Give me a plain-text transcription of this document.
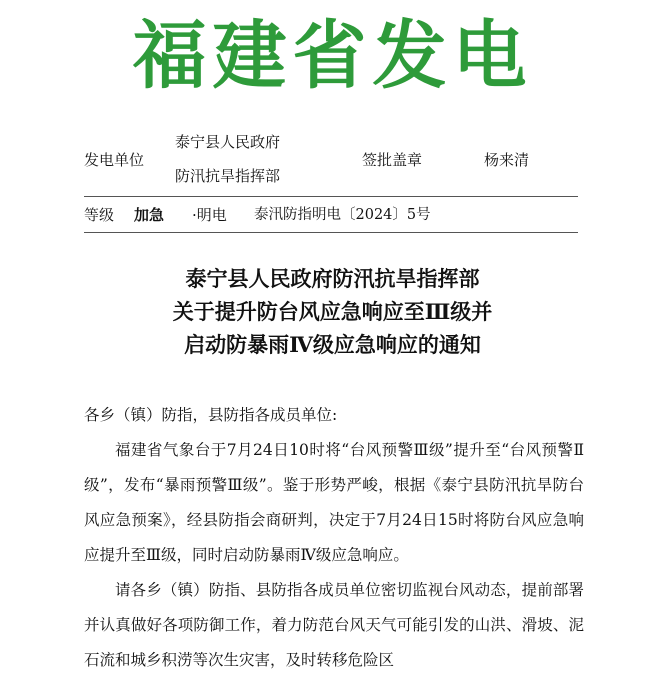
福建省发电
发电单位
泰宁县人民政府
防汛抗旱指挥部
签批盖章	杨来清
等级 加急 ·明电 泰汛防指明电〔2024〕5号
泰宁县人民政府防汛抗旱指挥部
关于提升防台风应急响应至Ⅲ级并
启动防暴雨Ⅳ级应急响应的通知

各乡（镇）防指，县防指各成员单位:

福建省气象台于7月24日10时将“台风预警Ⅲ级”提升至“台风预警Ⅱ级”，发布“暴雨预警Ⅲ级”。鉴于形势严峻，根据《泰宁县防汛抗旱防台风应急预案》，经县防指会商研判，决定于7月24日15时将防台风应急响应提升至Ⅲ级，同时启动防暴雨Ⅳ级应急响应。

请各乡（镇）防指、县防指各成员单位密切监视台风动态，提前部署并认真做好各项防御工作，着力防范台风天气可能引发的山洪、滑坡、泥石流和城乡积涝等次生灾害，及时转移危险区
